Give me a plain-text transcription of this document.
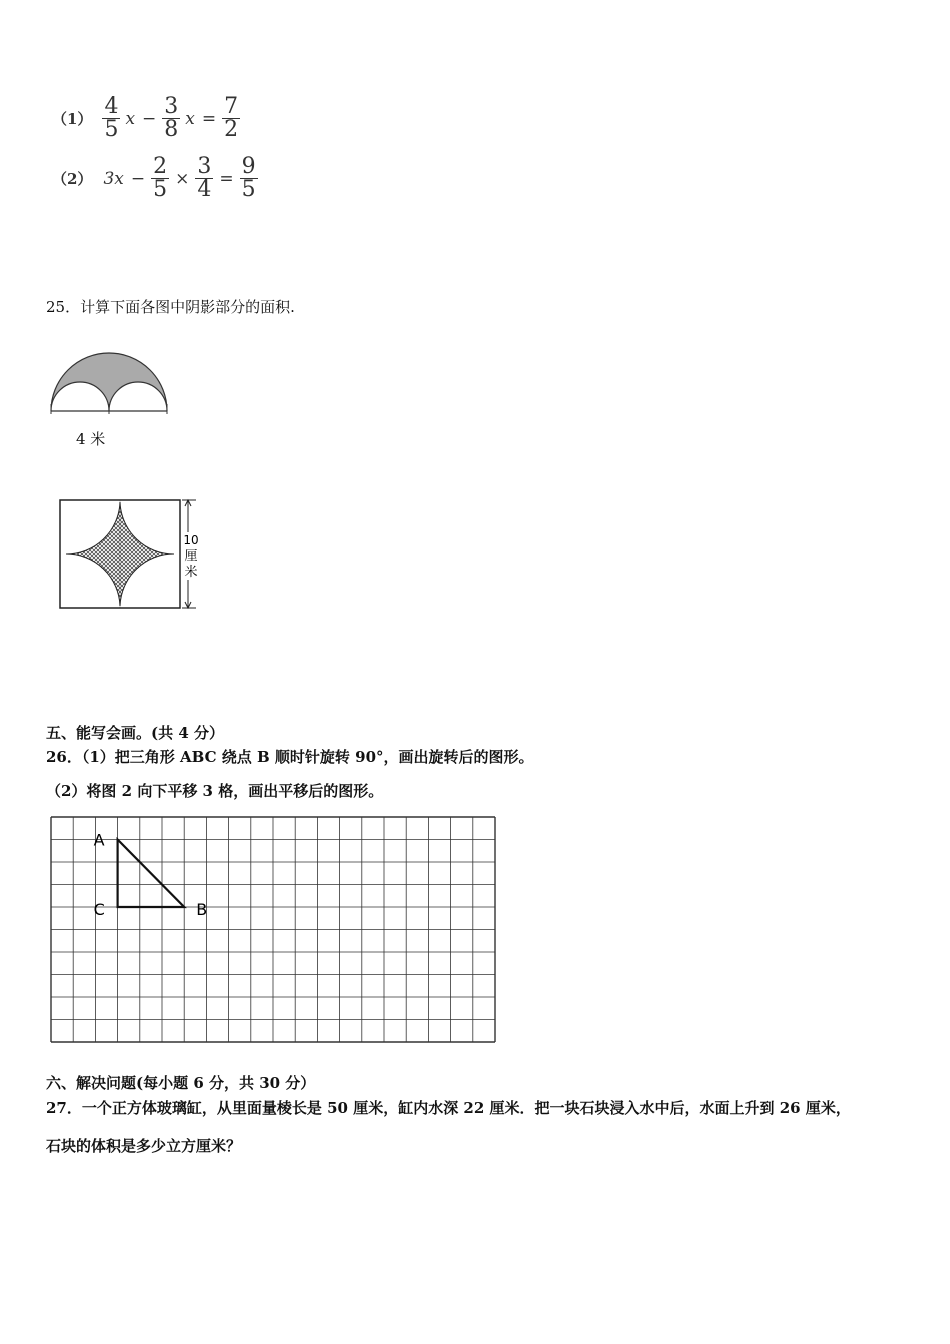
$(1) \frac{4}{5}$ $x - \frac{3}{8}$ $x = \frac{7}{2}$
（2） $3x - \frac{2}{5} \times \frac{3}{4} = \frac{9}{5}$
25．计算下面各图中阴影部分的面积.
4 米
10
厘
米
五、能写会画。(共 4 分）
26．（1）把三角形 ABC 绕点 B 顺时针旋转 90°，画出旋转后的图形。
（2）将图 2 向下平移 3 格，画出平移后的图形。
A
C	B
六、解决问题(每小题 6 分，共 30 分）
27．一个正方体玻璃缸，从里面量棱长是 50 厘米，缸内水深 22 厘米．把一块石块浸入水中后，水面上升到 26 厘米，
石块的体积是多少立方厘米？
